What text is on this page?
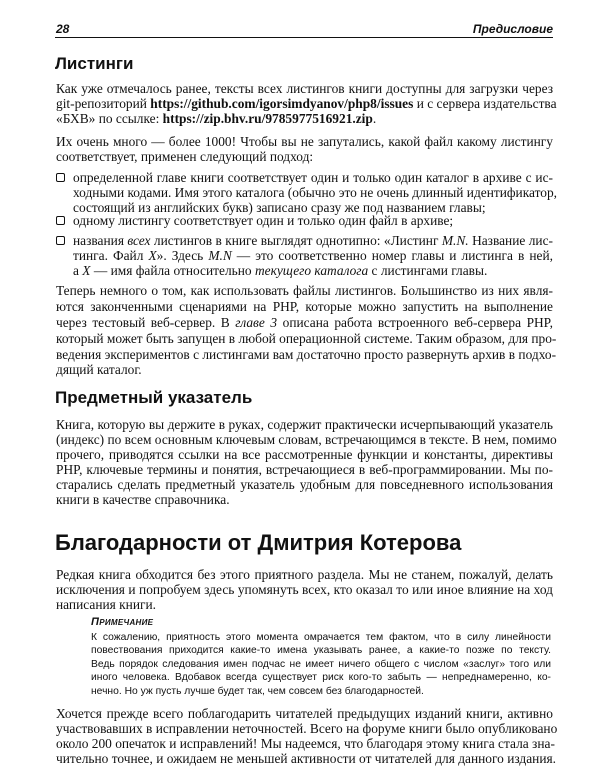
28	Предисловие
Листинги
Как уже отмечалось ранее, тексты всех листингов книги доступны для загрузки через
git-репозиторий https://github.com/igorsimdyanov/php8/issues и с сервера издательства
«БХВ» по ссылке: https://zip.bhv.ru/9785977516921.zip.
Их очень много — более 1000! Чтобы вы не запутались, какой файл какому листингу
соответствует, применен следующий подход:
определенной главе книги соответствует один и только один каталог в архиве с ис-
ходными кодами. Имя этого каталога (обычно это не очень длинный идентификатор,
состоящий из английских букв) записано сразу же под названием главы;
одному листингу соответствует один и только один файл в архиве;
названия всех листингов в книге выглядят однотипно: «Листинг M.N. Название лис-
тинга. Файл X». Здесь M.N — это соответственно номер главы и листинга в ней,
а X — имя файла относительно текущего каталога с листингами главы.
Теперь немного о том, как использовать файлы листингов. Большинство из них явля-
ются законченными сценариями на PHP, которые можно запустить на выполнение
через тестовый веб-сервер. В главе 3 описана работа встроенного веб-сервера PHP,
который может быть запущен в любой операционной системе. Таким образом, для про-
ведения экспериментов с листингами вам достаточно просто развернуть архив в подхо-
дящий каталог.
Предметный указатель
Книга, которую вы держите в руках, содержит практически исчерпывающий указатель
(индекс) по всем основным ключевым словам, встречающимся в тексте. В нем, помимо
прочего, приводятся ссылки на все рассмотренные функции и константы, директивы
PHP, ключевые термины и понятия, встречающиеся в веб-программировании. Мы по-
старались сделать предметный указатель удобным для повседневного использования
книги в качестве справочника.
Благодарности от Дмитрия Котерова
Редкая книга обходится без этого приятного раздела. Мы не станем, пожалуй, делать
исключения и попробуем здесь упомянуть всех, кто оказал то или иное влияние на ход
написания книги.
Примечание
К сожалению, приятность этого момента омрачается тем фактом, что в силу линейности
повествования приходится какие-то имена указывать ранее, а какие-то позже по тексту.
Ведь порядок следования имен подчас не имеет ничего общего с числом «заслуг» того или
иного человека. Вдобавок всегда существует риск кого-то забыть — непреднамеренно, ко-
нечно. Но уж пусть лучше будет так, чем совсем без благодарностей.
Хочется прежде всего поблагодарить читателей предыдущих изданий книги, активно
участвовавших в исправлении неточностей. Всего на форуме книги было опубликовано
около 200 опечаток и исправлений! Мы надеемся, что благодаря этому книга стала зна-
чительно точнее, и ожидаем не меньшей активности от читателей для данного издания.
